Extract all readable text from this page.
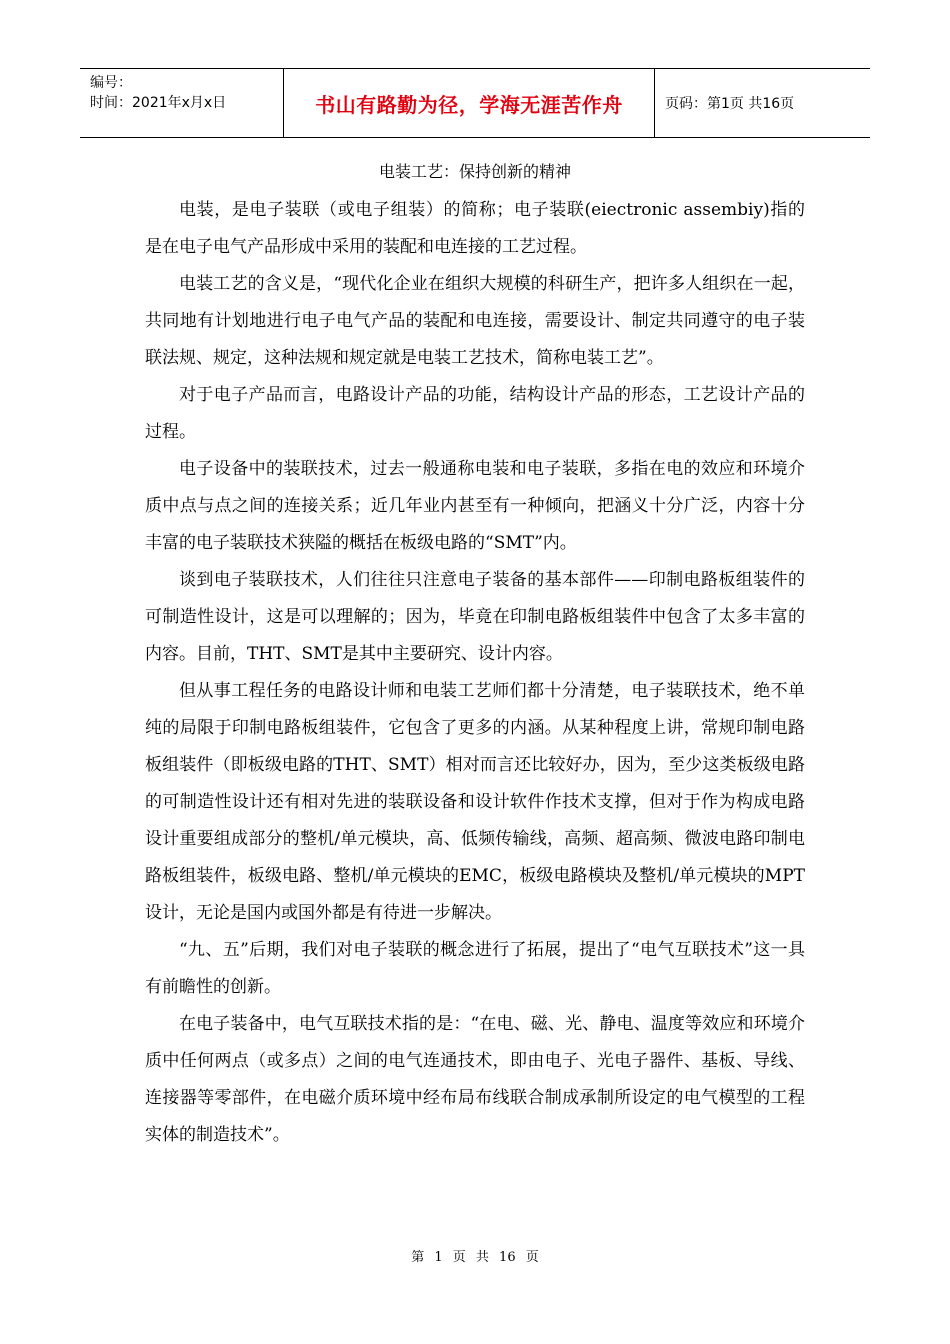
编号：
时间：2021年x月x日	书山有路勤为径，学海无涯苦作舟	页码：第1页 共16页
电装工艺：保持创新的精神

电装，是电子装联（或电子组装）的简称；电子装联(eiectronic assembiy)指的是在电子电气产品形成中采用的装配和电连接的工艺过程。

电装工艺的含义是，“现代化企业在组织大规模的科研生产，把许多人组织在一起，共同地有计划地进行电子电气产品的装配和电连接，需要设计、制定共同遵守的电子装联法规、规定，这种法规和规定就是电装工艺技术，简称电装工艺”。

对于电子产品而言，电路设计产品的功能，结构设计产品的形态，工艺设计产品的过程。

电子设备中的装联技术，过去一般通称电装和电子装联，多指在电的效应和环境介质中点与点之间的连接关系；近几年业内甚至有一种倾向，把涵义十分广泛，内容十分丰富的电子装联技术狭隘的概括在板级电路的“SMT”内。

谈到电子装联技术，人们往往只注意电子装备的基本部件——印制电路板组装件的可制造性设计，这是可以理解的；因为，毕竟在印制电路板组装件中包含了太多丰富的内容。目前，THT、SMT是其中主要研究、设计内容。

但从事工程任务的电路设计师和电装工艺师们都十分清楚，电子装联技术，绝不单纯的局限于印制电路板组装件，它包含了更多的内涵。从某种程度上讲，常规印制电路板组装件（即板级电路的THT、SMT）相对而言还比较好办，因为，至少这类板级电路的可制造性设计还有相对先进的装联设备和设计软件作技术支撑，但对于作为构成电路设计重要组成部分的整机/单元模块，高、低频传输线，高频、超高频、微波电路印制电路板组装件，板级电路、整机/单元模块的EMC，板级电路模块及整机/单元模块的MPT设计，无论是国内或国外都是有待进一步解决。

“九、五”后期，我们对电子装联的概念进行了拓展，提出了“电气互联技术”这一具有前瞻性的创新。

在电子装备中，电气互联技术指的是：“在电、磁、光、静电、温度等效应和环境介质中任何两点（或多点）之间的电气连通技术，即由电子、光电子器件、基板、导线、连接器等零部件，在电磁介质环境中经布局布线联合制成承制所设定的电气模型的工程实体的制造技术”。

第 1 页 共 16 页
